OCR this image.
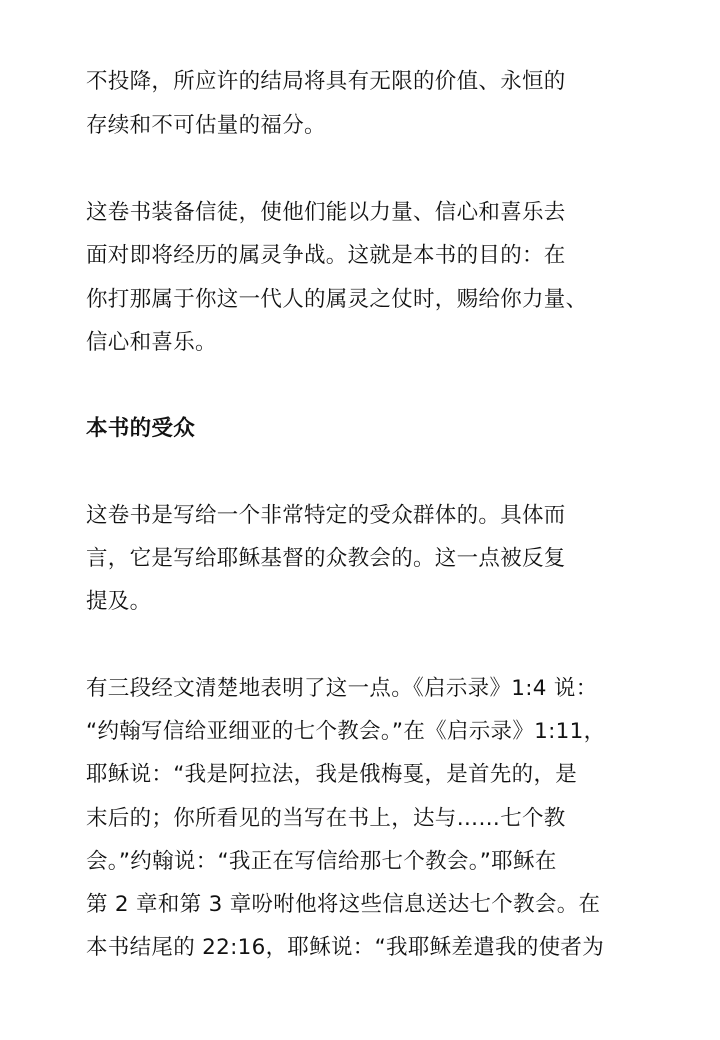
不投降，所应许的结局将具有无限的价值、永恒的

存续和不可估量的福分。

这卷书装备信徒，使他们能以力量、信心和喜乐去

面对即将经历的属灵争战。这就是本书的目的：在

你打那属于你这一代人的属灵之仗时，赐给你力量、

信心和喜乐。

本书的受众

这卷书是写给一个非常特定的受众群体的。具体而

言，它是写给耶稣基督的众教会的。这一点被反复

提及。

有三段经文清楚地表明了这一点。《启示录》1:4 说：

“约翰写信给亚细亚的七个教会。”在《启示录》1:11，

耶稣说：“我是阿拉法，我是俄梅戛，是首先的，是

末后的；你所看见的当写在书上，达与……七个教

会。”约翰说：“我正在写信给那七个教会。”耶稣在

第 2 章和第 3 章吩咐他将这些信息送达七个教会。在

本书结尾的 22:16，耶稣说：“我耶稣差遣我的使者为
